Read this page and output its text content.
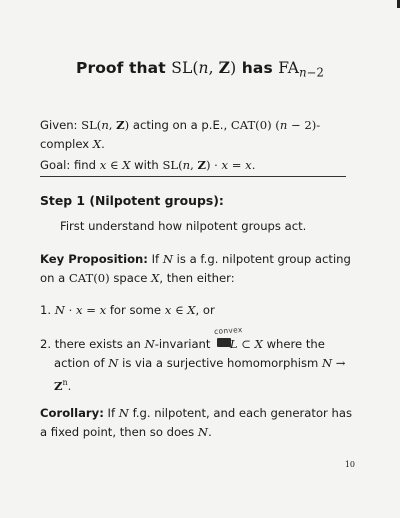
Proof that SL(n, Z) has $FA_{n-2}$
Given: SL(n, Z) acting on a p.E., CAT(0) (n − 2)-
complex X.
Goal: find x ∈ X with SL(n, Z) · x = x.
Step 1 (Nilpotent groups):
First understand how nilpotent groups act.
Key Proposition: If N is a f.g. nilpotent group acting
on a CAT(0) space X, then either:
1. N · x = x for some x ∈ X, or
convex
2. there exists an N-invariant L ⊂ X where the
action of N is via a surjective homomorphism N →
$Z^n$.
Corollary: If N f.g. nilpotent, and each generator has
a fixed point, then so does N.
10
